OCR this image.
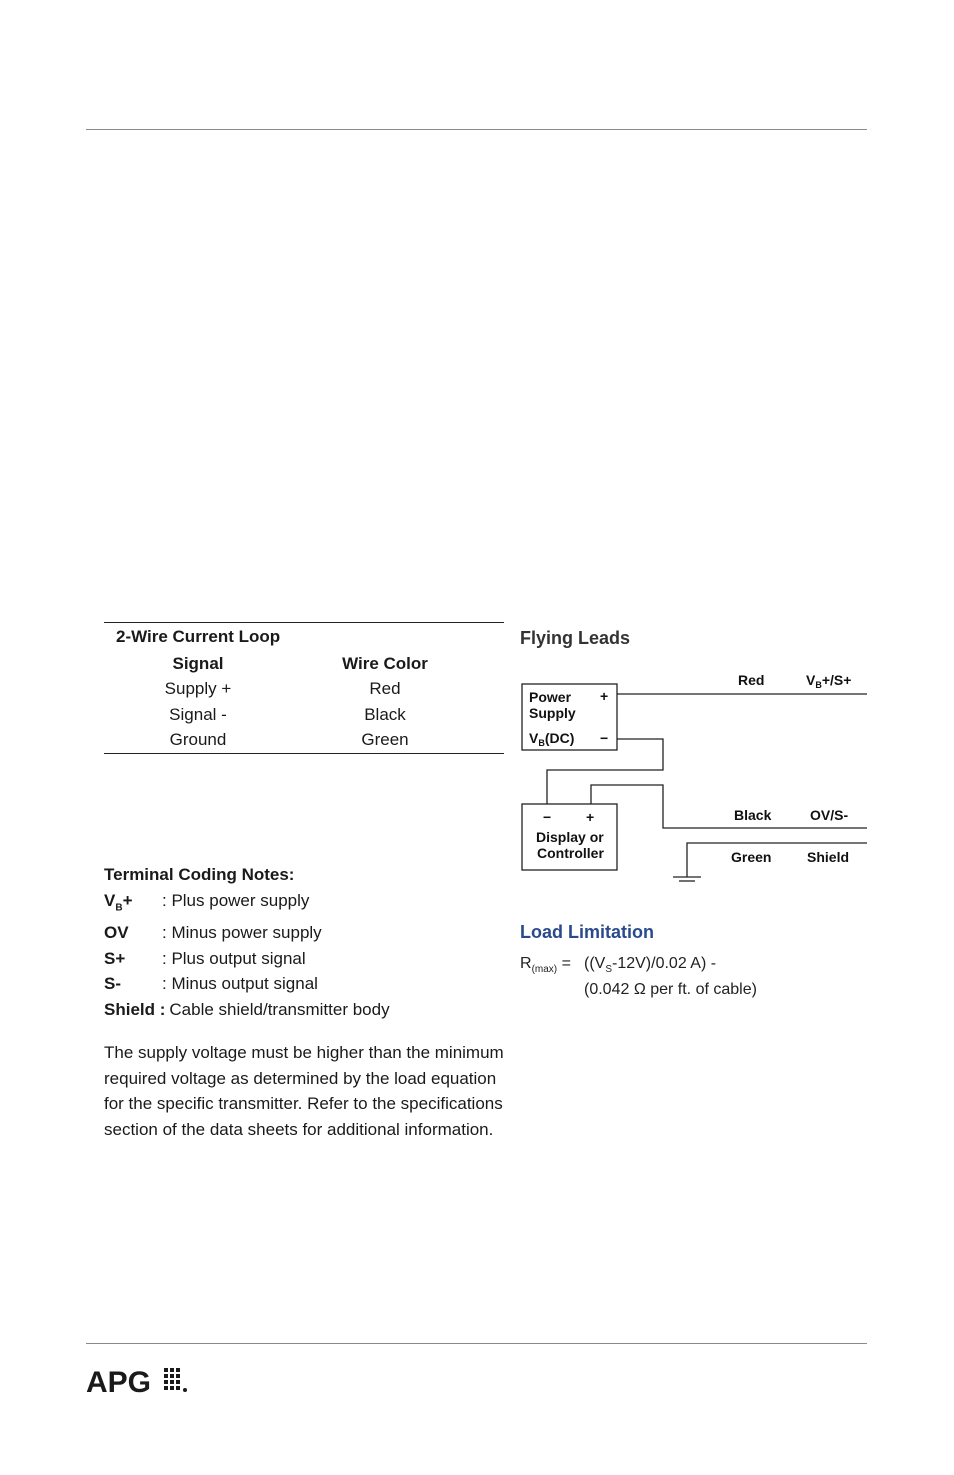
2-Wire Current Loop
Signal	Wire Color
Supply +	Red
Signal -	Black
Ground	Green
Terminal Coding Notes:
$V_B+$	: Plus power supply
OV	: Minus power supply
S+	: Plus output signal
S-	: Minus output signal
Shield : Cable shield/transmitter body
The supply voltage must be higher than the minimum required voltage as determined by the load equation for the specific transmitter. Refer to the specifications section of the data sheets for additional information.
Flying Leads
Power
Supply
+
$V_B(DC)$ −
− +
Display or
Controller
Red	$V_B+/S+$
Black	OV/S-
Green	Shield
Load Limitation
$R_{(max)} = ((V_S-12V)/0.02$ A) -
(0.042 Ω per ft. of cable)
APG
